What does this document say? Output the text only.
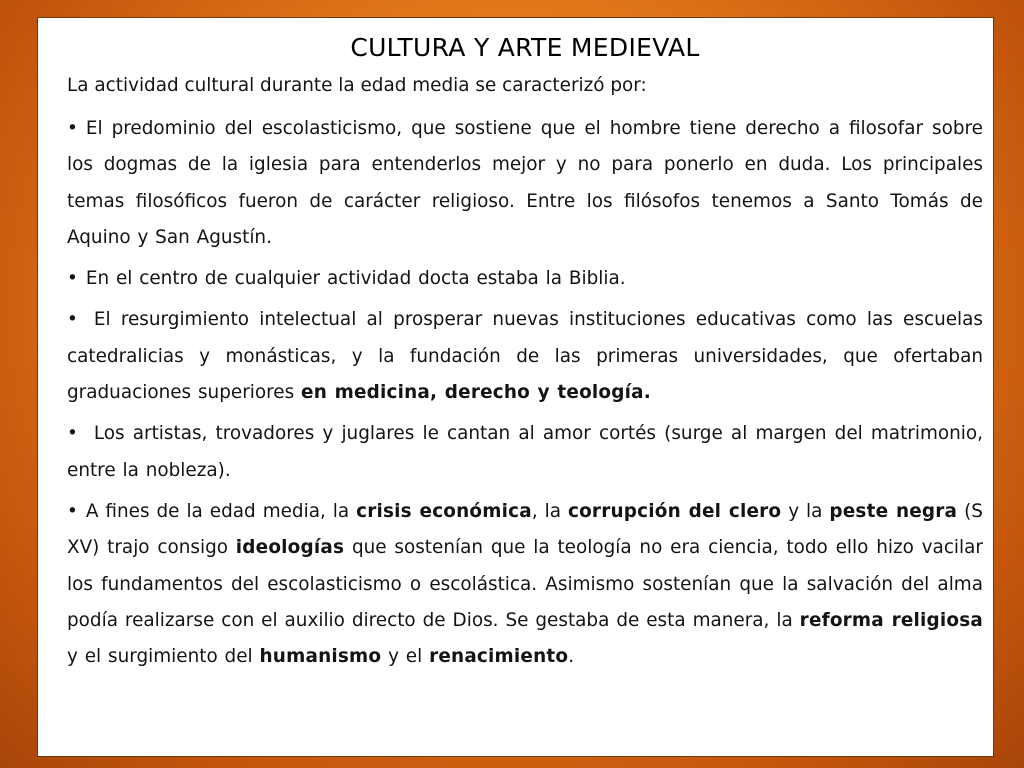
CULTURA Y ARTE MEDIEVAL

La actividad cultural durante la edad media se caracterizó por:

• El predominio del escolasticismo, que sostiene que el hombre tiene derecho a filosofar sobre los dogmas de la iglesia para entenderlos mejor y no para ponerlo en duda. Los principales temas filosóficos fueron de carácter religioso. Entre los filósofos tenemos a Santo Tomás de Aquino y San Agustín.

• En el centro de cualquier actividad docta estaba la Biblia.

• El resurgimiento intelectual al prosperar nuevas instituciones educativas como las escuelas catedralicias y monásticas, y la fundación de las primeras universidades, que ofertaban graduaciones superiores en medicina, derecho y teología.

• Los artistas, trovadores y juglares le cantan al amor cortés (surge al margen del matrimonio, entre la nobleza).

• A fines de la edad media, la crisis económica, la corrupción del clero y la peste negra (S XV) trajo consigo ideologías que sostenían que la teología no era ciencia, todo ello hizo vacilar los fundamentos del escolasticismo o escolástica. Asimismo sostenían que la salvación del alma podía realizarse con el auxilio directo de Dios. Se gestaba de esta manera, la reforma religiosa y el surgimiento del humanismo y el renacimiento.
